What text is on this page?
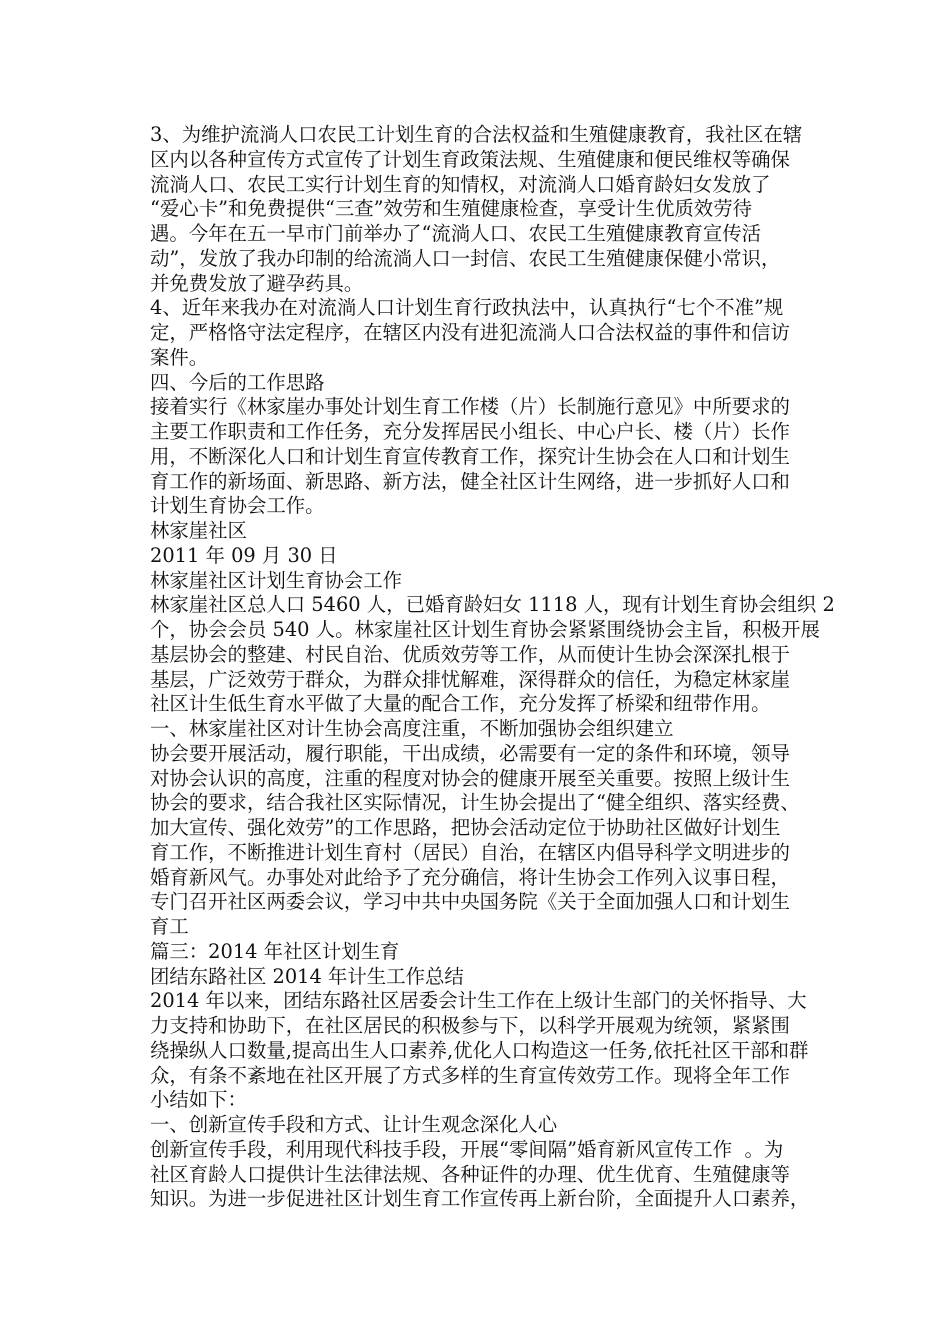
3、为维护流淌人口农民工计划生育的合法权益和生殖健康教育，我社区在辖
区内以各种宣传方式宣传了计划生育政策法规、生殖健康和便民维权等确保
流淌人口、农民工实行计划生育的知情权，对流淌人口婚育龄妇女发放了
“爱心卡”和免费提供“三查”效劳和生殖健康检查，享受计生优质效劳待
遇。今年在五一早市门前举办了“流淌人口、农民工生殖健康教育宣传活
动”，发放了我办印制的给流淌人口一封信、农民工生殖健康保健小常识，
并免费发放了避孕药具。
4、近年来我办在对流淌人口计划生育行政执法中，认真执行“七个不准”规
定，严格恪守法定程序，在辖区内没有进犯流淌人口合法权益的事件和信访
案件。
四、今后的工作思路
接着实行《林家崖办事处计划生育工作楼（片）长制施行意见》中所要求的
主要工作职责和工作任务，充分发挥居民小组长、中心户长、楼（片）长作
用，不断深化人口和计划生育宣传教育工作，探究计生协会在人口和计划生
育工作的新场面、新思路、新方法，健全社区计生网络，进一步抓好人口和
计划生育协会工作。
林家崖社区
2011 年 09 月 30 日
林家崖社区计划生育协会工作
林家崖社区总人口 5460 人，已婚育龄妇女 1118 人，现有计划生育协会组织 2
个，协会会员 540 人。林家崖社区计划生育协会紧紧围绕协会主旨，积极开展
基层协会的整建、村民自治、优质效劳等工作，从而使计生协会深深扎根于
基层，广泛效劳于群众，为群众排忧解难，深得群众的信任，为稳定林家崖
社区计生低生育水平做了大量的配合工作，充分发挥了桥梁和纽带作用。
一、林家崖社区对计生协会高度注重，不断加强协会组织建立
协会要开展活动，履行职能，干出成绩，必需要有一定的条件和环境，领导
对协会认识的高度，注重的程度对协会的健康开展至关重要。按照上级计生
协会的要求，结合我社区实际情况，计生协会提出了“健全组织、落实经费、
加大宣传、强化效劳”的工作思路，把协会活动定位于协助社区做好计划生
育工作，不断推进计划生育村（居民）自治，在辖区内倡导科学文明进步的
婚育新风气。办事处对此给予了充分确信，将计生协会工作列入议事日程，
专门召开社区两委会议，学习中共中央国务院《关于全面加强人口和计划生
育工
篇三：2014 年社区计划生育
团结东路社区 2014 年计生工作总结
2014 年以来，团结东路社区居委会计生工作在上级计生部门的关怀指导、大
力支持和协助下，在社区居民的积极参与下，以科学开展观为统领，紧紧围
绕操纵人口数量,提高出生人口素养,优化人口构造这一任务,依托社区干部和群
众，有条不紊地在社区开展了方式多样的生育宣传效劳工作。现将全年工作
小结如下：
一、创新宣传手段和方式、让计生观念深化人心
创新宣传手段，利用现代科技手段，开展“零间隔”婚育新风宣传工作  。为
社区育龄人口提供计生法律法规、各种证件的办理、优生优育、生殖健康等
知识。为进一步促进社区计划生育工作宣传再上新台阶，全面提升人口素养，
